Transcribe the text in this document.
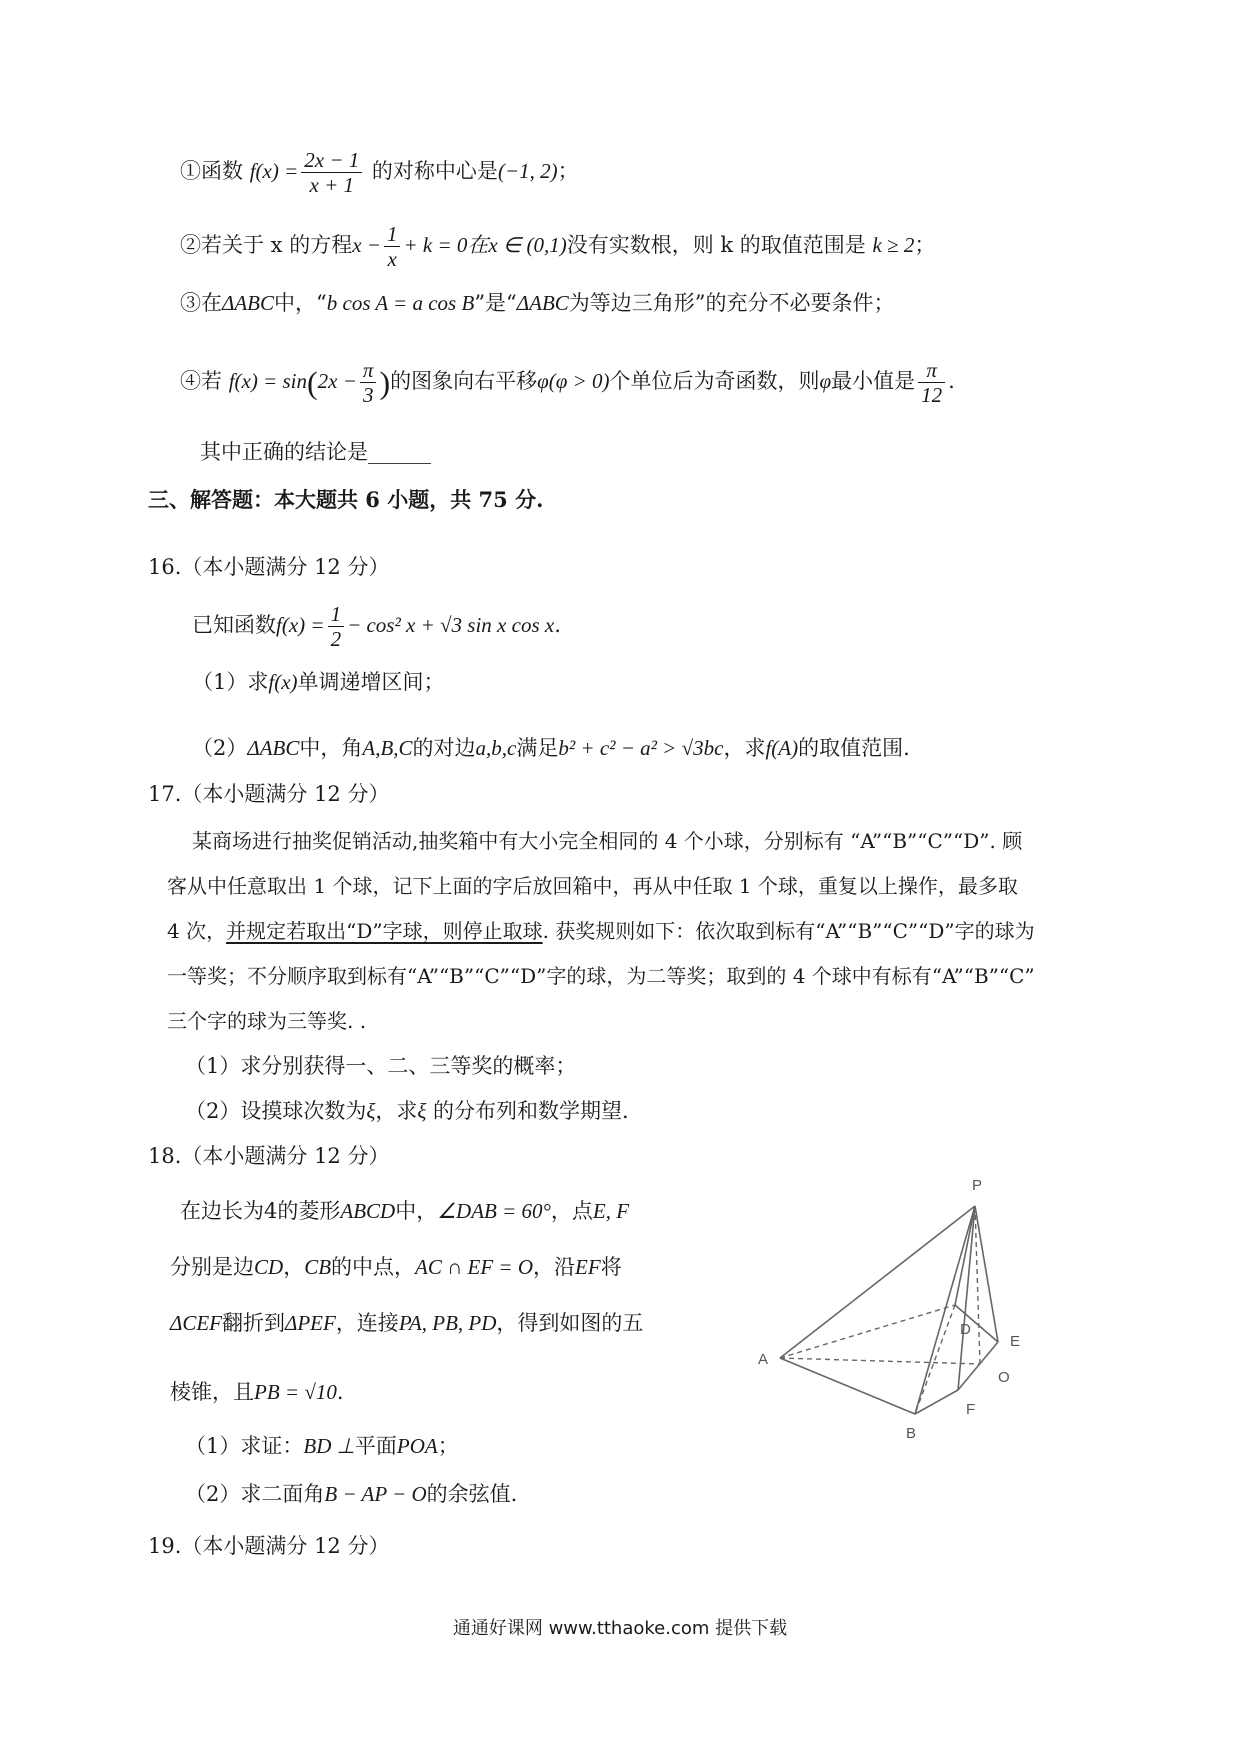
①函数 $f(x) = \frac{2x - 1}{x + 1}$ 的对称中心是(−1, 2)；
②若关于 x 的方程$x - \frac{1}{x} + k = 0$在x ∈ (0,1)没有实数根，则 k 的取值范围是 k ≥ 2；
③在ΔABC中，“b cos A = a cos B”是“ΔABC为等边三角形”的充分不必要条件；
④若 $f(x) = \sin(2x - \frac{\pi}{3}$ )的图象向右平移φ(φ > 0)个单位后为奇函数，则φ最小值是 $\frac{\pi}{12}$ .
其中正确的结论是______
三、解答题：本大题共 6 小题，共 75 分.
16.（本小题满分 12 分）
已知函数$f(x) = \frac{1}{2} - \cos^2$ x + √3 sin x cos x.
（1）求f(x)单调递增区间；
（2）ΔABC中，角A,B,C的对边a,b,c满足b² + c² − a² > √3bc，求f(A)的取值范围.
17.（本小题满分 12 分）
某商场进行抽奖促销活动,抽奖箱中有大小完全相同的 4 个小球，分别标有 “A”“B”“C”“D”. 顾
客从中任意取出 1 个球，记下上面的字后放回箱中，再从中任取 1 个球，重复以上操作，最多取
4 次，并规定若取出“D”字球，则停止取球. 获奖规则如下：依次取到标有“A”“B”“C”“D”字的球为
一等奖；不分顺序取到标有“A”“B”“C”“D”字的球，为二等奖；取到的 4 个球中有标有“A”“B”“C”
三个字的球为三等奖. .
（1）求分别获得一、二、三等奖的概率；
（2）设摸球次数为ξ，求ξ 的分布列和数学期望.
18.（本小题满分 12 分）
在边长为4的菱形ABCD中，∠DAB = 60°，点E, F
分别是边CD，CB的中点，AC ∩ EF = O，沿EF将
ΔCEF翻折到ΔPEF，连接PA, PB, PD，得到如图的五
棱锥，且PB = √10.
（1）求证：BD ⊥平面POA；
（2）求二面角B − AP − O的余弦值.
P
A
B
D
E
F
O
19.（本小题满分 12 分）
通通好课网 www.tthaoke.com 提供下载
